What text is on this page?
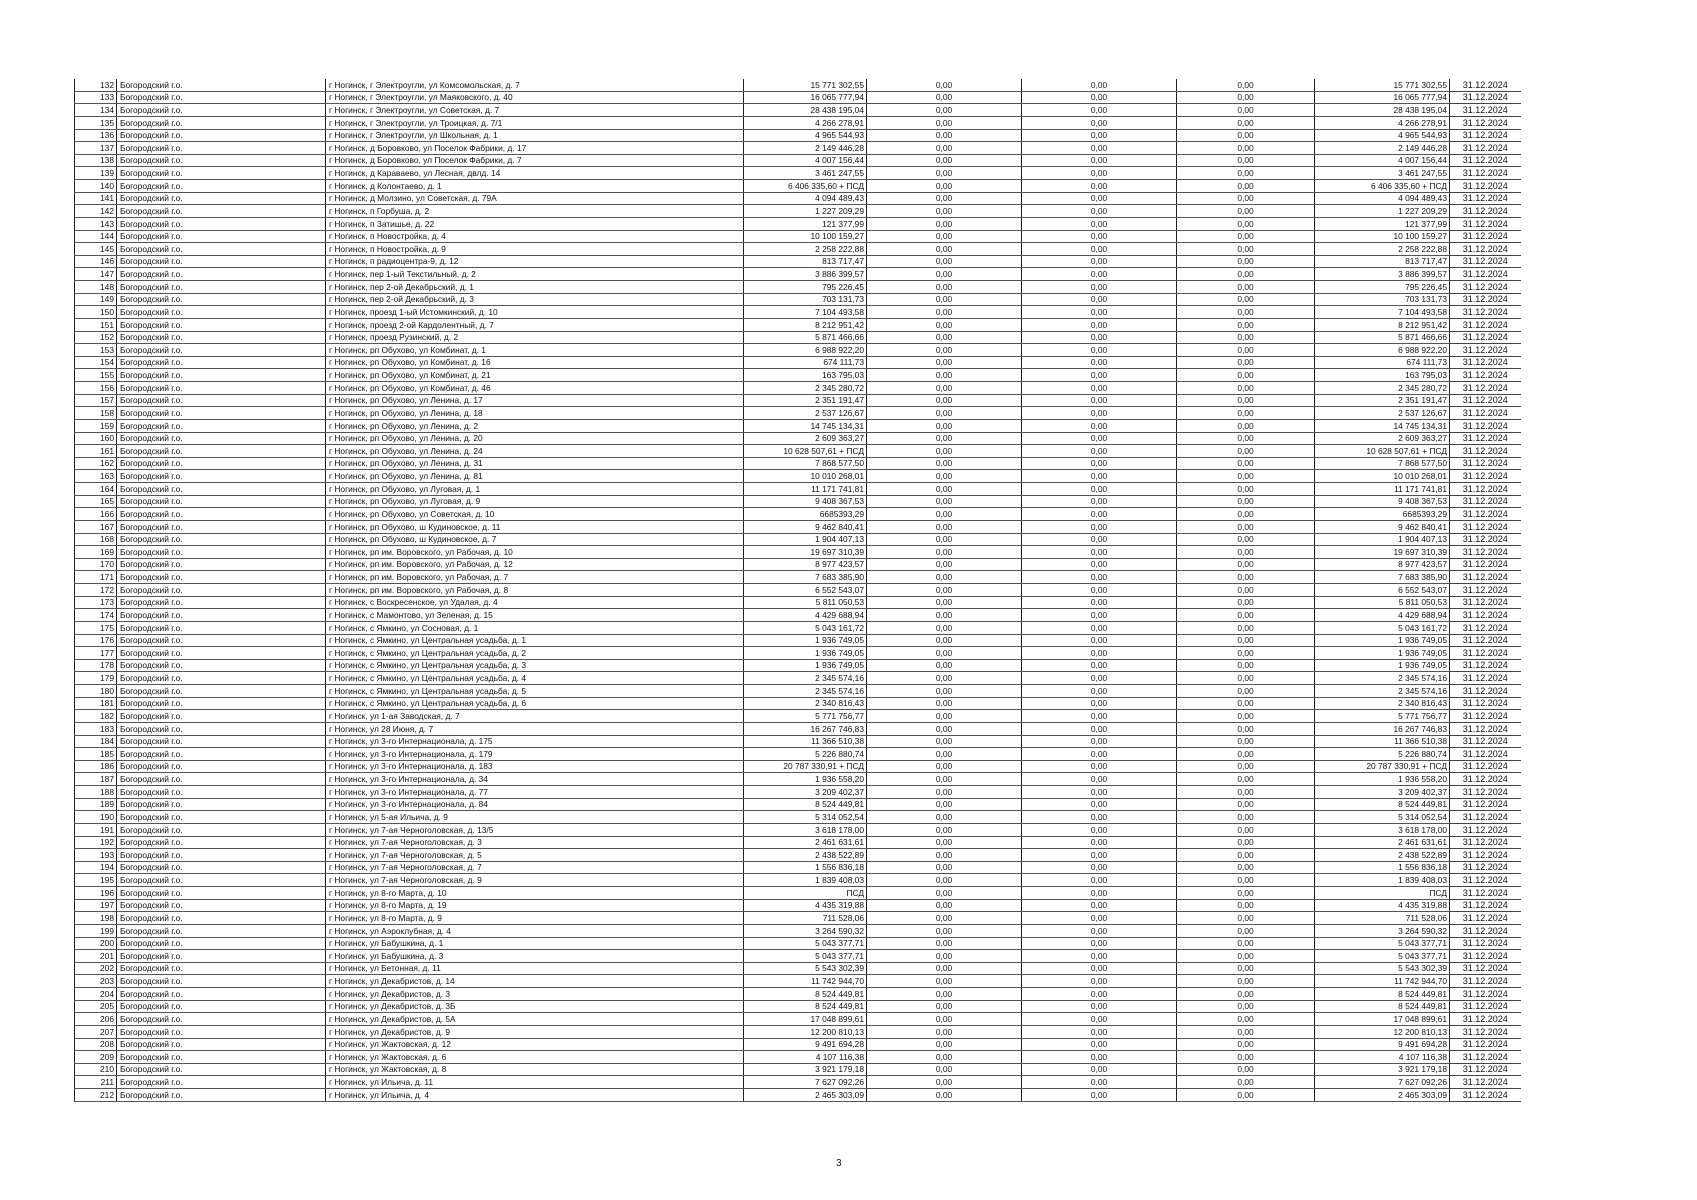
132	Богородский г.о.	г Ногинск, г Электроугли, ул Комсомольская, д. 7	15 771 302,55	0,00	0,00	0,00	15 771 302,55	31.12.2024
133	Богородский г.о.	г Ногинск, г Электроугли, ул Маяковского, д. 40	16 065 777,94	0,00	0,00	0,00	16 065 777,94	31.12.2024
134	Богородский г.о.	г Ногинск, г Электроугли, ул Советская, д. 7	28 438 195,04	0,00	0,00	0,00	28 438 195,04	31.12.2024
135	Богородский г.о.	г Ногинск, г Электроугли, ул Троицкая, д. 7/1	4 266 278,91	0,00	0,00	0,00	4 266 278,91	31.12.2024
136	Богородский г.о.	г Ногинск, г Электроугли, ул Школьная, д. 1	4 965 544,93	0,00	0,00	0,00	4 965 544,93	31.12.2024
137	Богородский г.о.	г Ногинск, д Боровково, ул Поселок Фабрики, д. 17	2 149 446,28	0,00	0,00	0,00	2 149 446,28	31.12.2024
138	Богородский г.о.	г Ногинск, д Боровково, ул Поселок Фабрики, д. 7	4 007 156,44	0,00	0,00	0,00	4 007 156,44	31.12.2024
139	Богородский г.о.	г Ногинск, д Караваево, ул Лесная, двлд. 14	3 461 247,55	0,00	0,00	0,00	3 461 247,55	31.12.2024
140	Богородский г.о.	г Ногинск, д Колонтаево, д. 1	6 406 335,60 + ПСД	0,00	0,00	0,00	6 406 335,60 + ПСД	31.12.2024
141	Богородский г.о.	г Ногинск, д Молзино, ул Советская, д. 79А	4 094 489,43	0,00	0,00	0,00	4 094 489,43	31.12.2024
142	Богородский г.о.	г Ногинск, п Горбуша, д. 2	1 227 209,29	0,00	0,00	0,00	1 227 209,29	31.12.2024
143	Богородский г.о.	г Ногинск, п Затишье, д. 22	121 377,99	0,00	0,00	0,00	121 377,99	31.12.2024
144	Богородский г.о.	г Ногинск, п Новостройка, д. 4	10 100 159,27	0,00	0,00	0,00	10 100 159,27	31.12.2024
145	Богородский г.о.	г Ногинск, п Новостройка, д. 9	2 258 222,88	0,00	0,00	0,00	2 258 222,88	31.12.2024
146	Богородский г.о.	г Ногинск, п радиоцентра-9, д. 12	813 717,47	0,00	0,00	0,00	813 717,47	31.12.2024
147	Богородский г.о.	г Ногинск, пер 1-ый Текстильный, д. 2	3 886 399,57	0,00	0,00	0,00	3 886 399,57	31.12.2024
148	Богородский г.о.	г Ногинск, пер 2-ой Декабрьский, д. 1	795 226,45	0,00	0,00	0,00	795 226,45	31.12.2024
149	Богородский г.о.	г Ногинск, пер 2-ой Декабрьский, д. 3	703 131,73	0,00	0,00	0,00	703 131,73	31.12.2024
150	Богородский г.о.	г Ногинск, проезд 1-ый Истомкинский, д. 10	7 104 493,58	0,00	0,00	0,00	7 104 493,58	31.12.2024
151	Богородский г.о.	г Ногинск, проезд 2-ой Кардолентный, д. 7	8 212 951,42	0,00	0,00	0,00	8 212 951,42	31.12.2024
152	Богородский г.о.	г Ногинск, проезд Рузинский, д. 2	5 871 466,66	0,00	0,00	0,00	5 871 466,66	31.12.2024
153	Богородский г.о.	г Ногинск, рп Обухово, ул Комбинат, д. 1	6 988 922,20	0,00	0,00	0,00	6 988 922,20	31.12.2024
154	Богородский г.о.	г Ногинск, рп Обухово, ул Комбинат, д. 16	674 111,73	0,00	0,00	0,00	674 111,73	31.12.2024
155	Богородский г.о.	г Ногинск, рп Обухово, ул Комбинат, д. 21	163 795,03	0,00	0,00	0,00	163 795,03	31.12.2024
156	Богородский г.о.	г Ногинск, рп Обухово, ул Комбинат, д. 46	2 345 280,72	0,00	0,00	0,00	2 345 280,72	31.12.2024
157	Богородский г.о.	г Ногинск, рп Обухово, ул Ленина, д. 17	2 351 191,47	0,00	0,00	0,00	2 351 191,47	31.12.2024
158	Богородский г.о.	г Ногинск, рп Обухово, ул Ленина, д. 18	2 537 126,67	0,00	0,00	0,00	2 537 126,67	31.12.2024
159	Богородский г.о.	г Ногинск, рп Обухово, ул Ленина, д. 2	14 745 134,31	0,00	0,00	0,00	14 745 134,31	31.12.2024
160	Богородский г.о.	г Ногинск, рп Обухово, ул Ленина, д. 20	2 609 363,27	0,00	0,00	0,00	2 609 363,27	31.12.2024
161	Богородский г.о.	г Ногинск, рп Обухово, ул Ленина, д. 24	10 628 507,61 + ПСД	0,00	0,00	0,00	10 628 507,61 + ПСД	31.12.2024
162	Богородский г.о.	г Ногинск, рп Обухово, ул Ленина, д. 31	7 868 577,50	0,00	0,00	0,00	7 868 577,50	31.12.2024
163	Богородский г.о.	г Ногинск, рп Обухово, ул Ленина, д. 81	10 010 268,01	0,00	0,00	0,00	10 010 268,01	31.12.2024
164	Богородский г.о.	г Ногинск, рп Обухово, ул Луговая, д. 1	11 171 741,81	0,00	0,00	0,00	11 171 741,81	31.12.2024
165	Богородский г.о.	г Ногинск, рп Обухово, ул Луговая, д. 9	9 408 367,53	0,00	0,00	0,00	9 408 367,53	31.12.2024
166	Богородский г.о.	г Ногинск, рп Обухово, ул Советская, д. 10	6685393,29	0,00	0,00	0,00	6685393,29	31.12.2024
167	Богородский г.о.	г Ногинск, рп Обухово, ш Кудиновское, д. 11	9 462 840,41	0,00	0,00	0,00	9 462 840,41	31.12.2024
168	Богородский г.о.	г Ногинск, рп Обухово, ш Кудиновское, д. 7	1 904 407,13	0,00	0,00	0,00	1 904 407,13	31.12.2024
169	Богородский г.о.	г Ногинск, рп им. Воровского, ул Рабочая, д. 10	19 697 310,39	0,00	0,00	0,00	19 697 310,39	31.12.2024
170	Богородский г.о.	г Ногинск, рп им. Воровского, ул Рабочая, д. 12	8 977 423,57	0,00	0,00	0,00	8 977 423,57	31.12.2024
171	Богородский г.о.	г Ногинск, рп им. Воровского, ул Рабочая, д. 7	7 683 385,90	0,00	0,00	0,00	7 683 385,90	31.12.2024
172	Богородский г.о.	г Ногинск, рп им. Воровского, ул Рабочая, д. 8	6 552 543,07	0,00	0,00	0,00	6 552 543,07	31.12.2024
173	Богородский г.о.	г Ногинск, с Воскресенское, ул Удалая, д. 4	5 811 050,53	0,00	0,00	0,00	5 811 050,53	31.12.2024
174	Богородский г.о.	г Ногинск, с Мамонтово, ул Зеленая, д. 15	4 429 688,94	0,00	0,00	0,00	4 429 688,94	31.12.2024
175	Богородский г.о.	г Ногинск, с Ямкино, ул Сосновая, д. 1	5 043 161,72	0,00	0,00	0,00	5 043 161,72	31.12.2024
176	Богородский г.о.	г Ногинск, с Ямкино, ул Центральная усадьба, д. 1	1 936 749,05	0,00	0,00	0,00	1 936 749,05	31.12.2024
177	Богородский г.о.	г Ногинск, с Ямкино, ул Центральная усадьба, д. 2	1 936 749,05	0,00	0,00	0,00	1 936 749,05	31.12.2024
178	Богородский г.о.	г Ногинск, с Ямкино, ул Центральная усадьба, д. 3	1 936 749,05	0,00	0,00	0,00	1 936 749,05	31.12.2024
179	Богородский г.о.	г Ногинск, с Ямкино, ул Центральная усадьба, д. 4	2 345 574,16	0,00	0,00	0,00	2 345 574,16	31.12.2024
180	Богородский г.о.	г Ногинск, с Ямкино, ул Центральная усадьба, д. 5	2 345 574,16	0,00	0,00	0,00	2 345 574,16	31.12.2024
181	Богородский г.о.	г Ногинск, с Ямкино, ул Центральная усадьба, д. 6	2 340 816,43	0,00	0,00	0,00	2 340 816,43	31.12.2024
182	Богородский г.о.	г Ногинск, ул 1-ая Заводская, д. 7	5 771 756,77	0,00	0,00	0,00	5 771 756,77	31.12.2024
183	Богородский г.о.	г Ногинск, ул 28 Июня, д. 7	16 267 746,83	0,00	0,00	0,00	16 267 746,83	31.12.2024
184	Богородский г.о.	г Ногинск, ул 3-го Интернационала, д. 175	11 366 510,38	0,00	0,00	0,00	11 366 510,38	31.12.2024
185	Богородский г.о.	г Ногинск, ул 3-го Интернационала, д. 179	5 226 880,74	0,00	0,00	0,00	5 226 880,74	31.12.2024
186	Богородский г.о.	г Ногинск, ул 3-го Интернационала, д. 183	20 787 330,91 + ПСД	0,00	0,00	0,00	20 787 330,91 + ПСД	31.12.2024
187	Богородский г.о.	г Ногинск, ул 3-го Интернационала, д. 34	1 936 558,20	0,00	0,00	0,00	1 936 558,20	31.12.2024
188	Богородский г.о.	г Ногинск, ул 3-го Интернационала, д. 77	3 209 402,37	0,00	0,00	0,00	3 209 402,37	31.12.2024
189	Богородский г.о.	г Ногинск, ул 3-го Интернационала, д. 84	8 524 449,81	0,00	0,00	0,00	8 524 449,81	31.12.2024
190	Богородский г.о.	г Ногинск, ул 5-ая Ильича, д. 9	5 314 052,54	0,00	0,00	0,00	5 314 052,54	31.12.2024
191	Богородский г.о.	г Ногинск, ул 7-ая Черноголовская, д. 13/5	3 618 178,00	0,00	0,00	0,00	3 618 178,00	31.12.2024
192	Богородский г.о.	г Ногинск, ул 7-ая Черноголовская, д. 3	2 461 631,61	0,00	0,00	0,00	2 461 631,61	31.12.2024
193	Богородский г.о.	г Ногинск, ул 7-ая Черноголовская, д. 5	2 438 522,89	0,00	0,00	0,00	2 438 522,89	31.12.2024
194	Богородский г.о.	г Ногинск, ул 7-ая Черноголовская, д. 7	1 556 836,18	0,00	0,00	0,00	1 556 836,18	31.12.2024
195	Богородский г.о.	г Ногинск, ул 7-ая Черноголовская, д. 9	1 839 408,03	0,00	0,00	0,00	1 839 408,03	31.12.2024
196	Богородский г.о.	г Ногинск, ул 8-го Марта, д. 10	ПСД	0,00	0,00	0,00	ПСД	31.12.2024
197	Богородский г.о.	г Ногинск, ул 8-го Марта, д. 19	4 435 319,88	0,00	0,00	0,00	4 435 319,88	31.12.2024
198	Богородский г.о.	г Ногинск, ул 8-го Марта, д. 9	711 528,06	0,00	0,00	0,00	711 528,06	31.12.2024
199	Богородский г.о.	г Ногинск, ул Аэроклубная, д. 4	3 264 590,32	0,00	0,00	0,00	3 264 590,32	31.12.2024
200	Богородский г.о.	г Ногинск, ул Бабушкина, д. 1	5 043 377,71	0,00	0,00	0,00	5 043 377,71	31.12.2024
201	Богородский г.о.	г Ногинск, ул Бабушкина, д. 3	5 043 377,71	0,00	0,00	0,00	5 043 377,71	31.12.2024
202	Богородский г.о.	г Ногинск, ул Бетонная, д. 11	5 543 302,39	0,00	0,00	0,00	5 543 302,39	31.12.2024
203	Богородский г.о.	г Ногинск, ул Декабристов, д. 14	11 742 944,70	0,00	0,00	0,00	11 742 944,70	31.12.2024
204	Богородский г.о.	г Ногинск, ул Декабристов, д. 3	8 524 449,81	0,00	0,00	0,00	8 524 449,81	31.12.2024
205	Богородский г.о.	г Ногинск, ул Декабристов, д. 3Б	8 524 449,81	0,00	0,00	0,00	8 524 449,81	31.12.2024
206	Богородский г.о.	г Ногинск, ул Декабристов, д. 5А	17 048 899,61	0,00	0,00	0,00	17 048 899,61	31.12.2024
207	Богородский г.о.	г Ногинск, ул Декабристов, д. 9	12 200 810,13	0,00	0,00	0,00	12 200 810,13	31.12.2024
208	Богородский г.о.	г Ногинск, ул Жактовская, д. 12	9 491 694,28	0,00	0,00	0,00	9 491 694,28	31.12.2024
209	Богородский г.о.	г Ногинск, ул Жактовская, д. 6	4 107 116,38	0,00	0,00	0,00	4 107 116,38	31.12.2024
210	Богородский г.о.	г Ногинск, ул Жактовская, д. 8	3 921 179,18	0,00	0,00	0,00	3 921 179,18	31.12.2024
211	Богородский г.о.	г Ногинск, ул Ильича, д. 11	7 627 092,26	0,00	0,00	0,00	7 627 092,26	31.12.2024
212	Богородский г.о.	г Ногинск, ул Ильича, д. 4	2 465 303,09	0,00	0,00	0,00	2 465 303,09	31.12.2024
3
